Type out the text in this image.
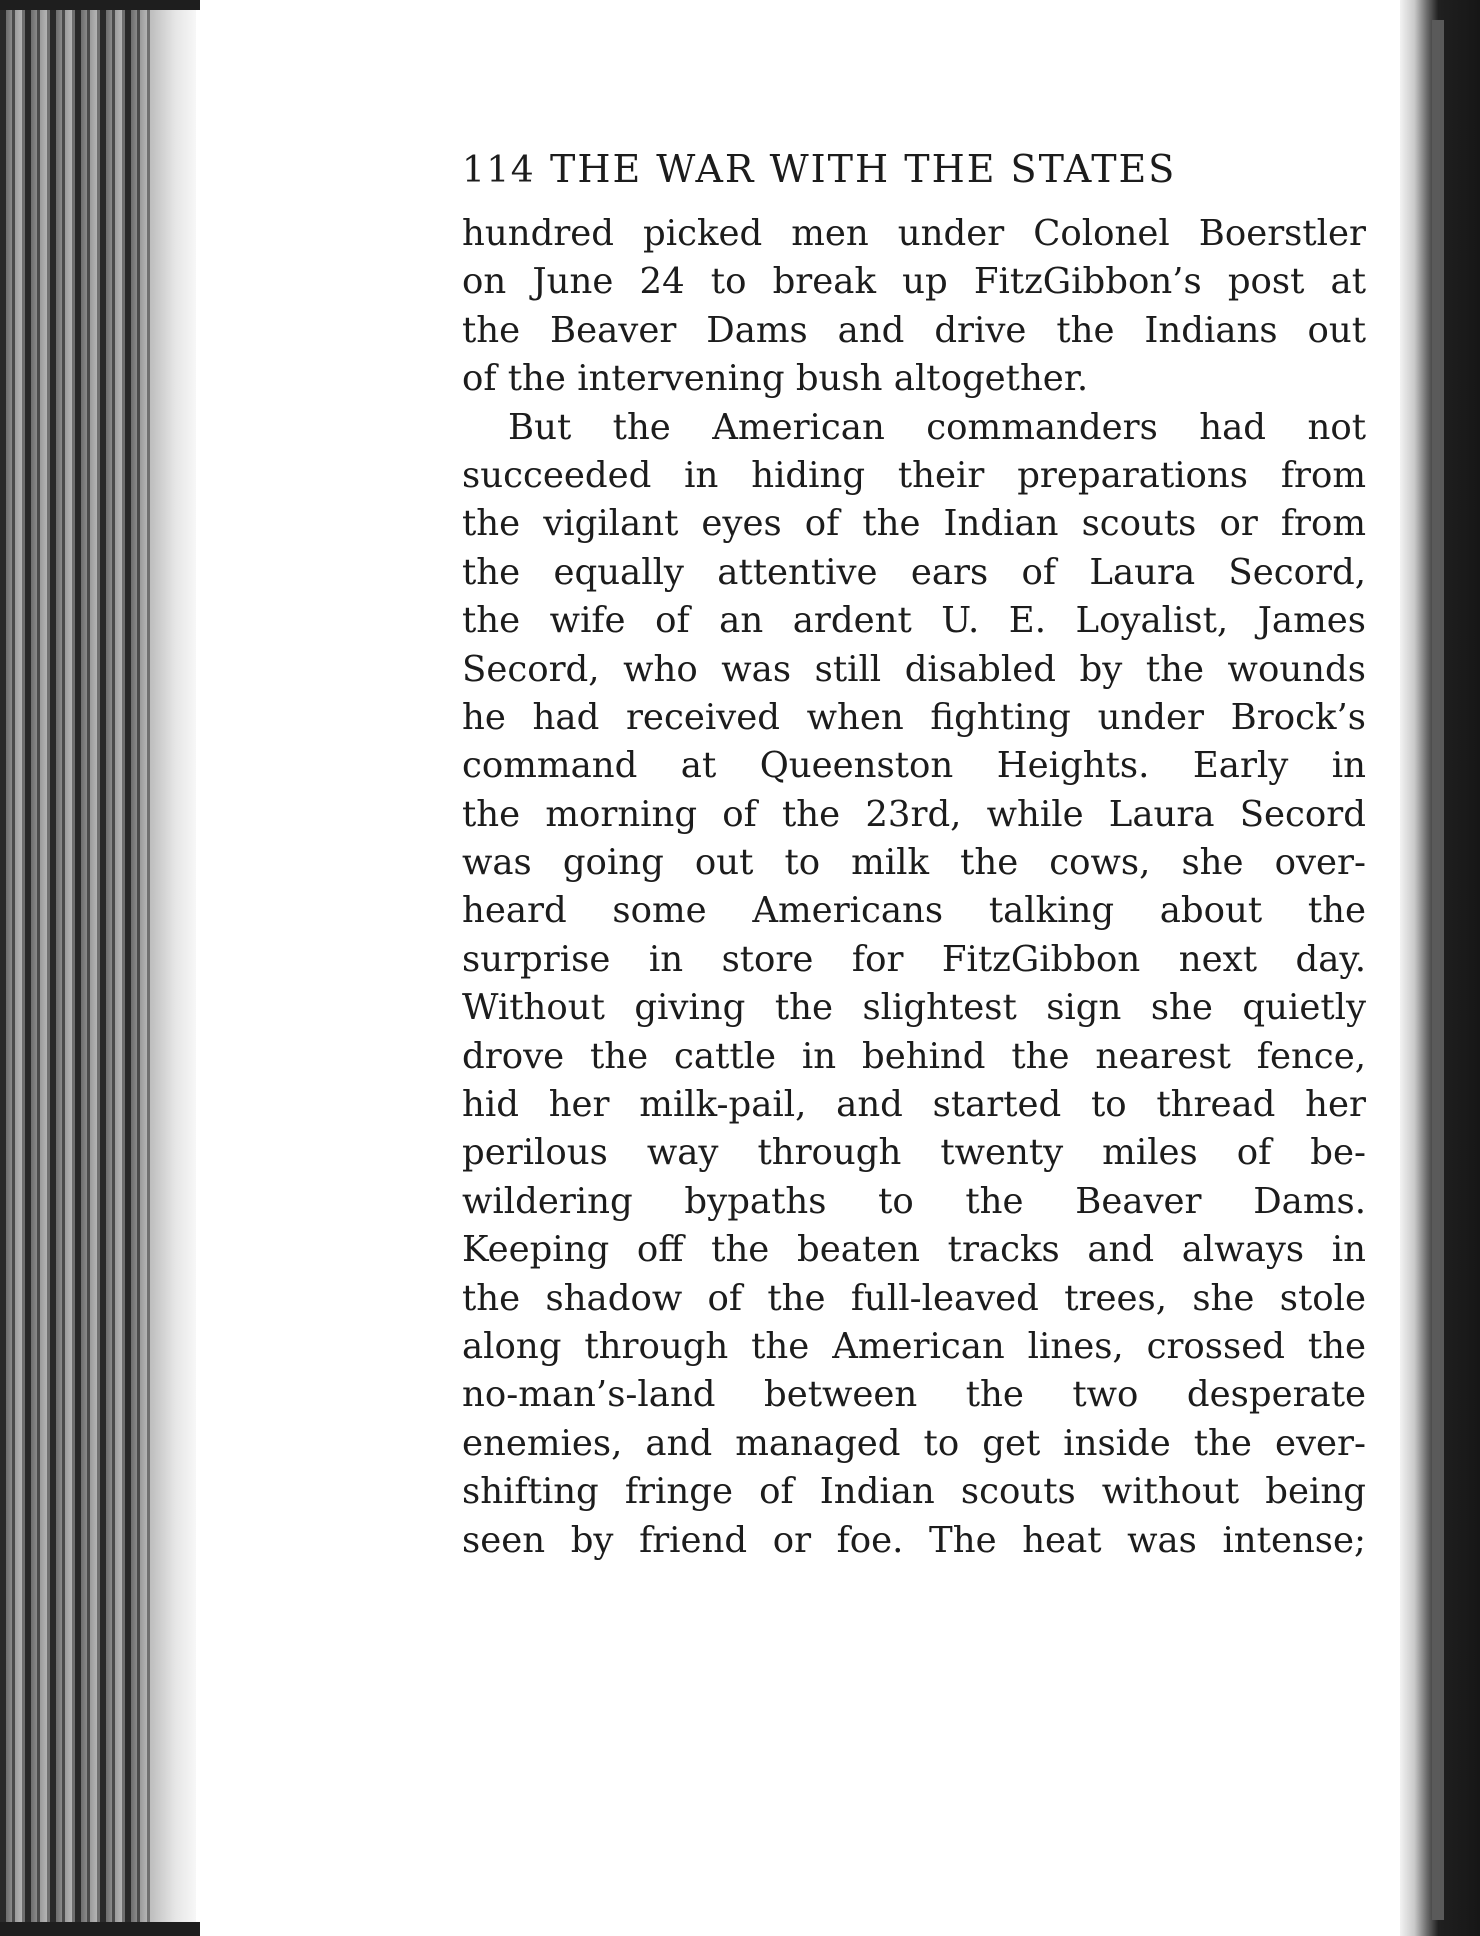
114 THE WAR WITH THE STATES
hundred picked men under Colonel Boerstler
on June 24 to break up FitzGibbon’s post at
the Beaver Dams and drive the Indians out
of the intervening bush altogether.
But the American commanders had not
succeeded in hiding their preparations from
the vigilant eyes of the Indian scouts or from
the equally attentive ears of Laura Secord,
the wife of an ardent U. E. Loyalist, James
Secord, who was still disabled by the wounds
he had received when fighting under Brock’s
command at Queenston Heights. Early in
the morning of the 23rd, while Laura Secord
was going out to milk the cows, she over-
heard some Americans talking about the
surprise in store for FitzGibbon next day.
Without giving the slightest sign she quietly
drove the cattle in behind the nearest fence,
hid her milk-pail, and started to thread her
perilous way through twenty miles of be-
wildering bypaths to the Beaver Dams.
Keeping off the beaten tracks and always in
the shadow of the full-leaved trees, she stole
along through the American lines, crossed the
no-man’s-land between the two desperate
enemies, and managed to get inside the ever-
shifting fringe of Indian scouts without being
seen by friend or foe. The heat was intense;
